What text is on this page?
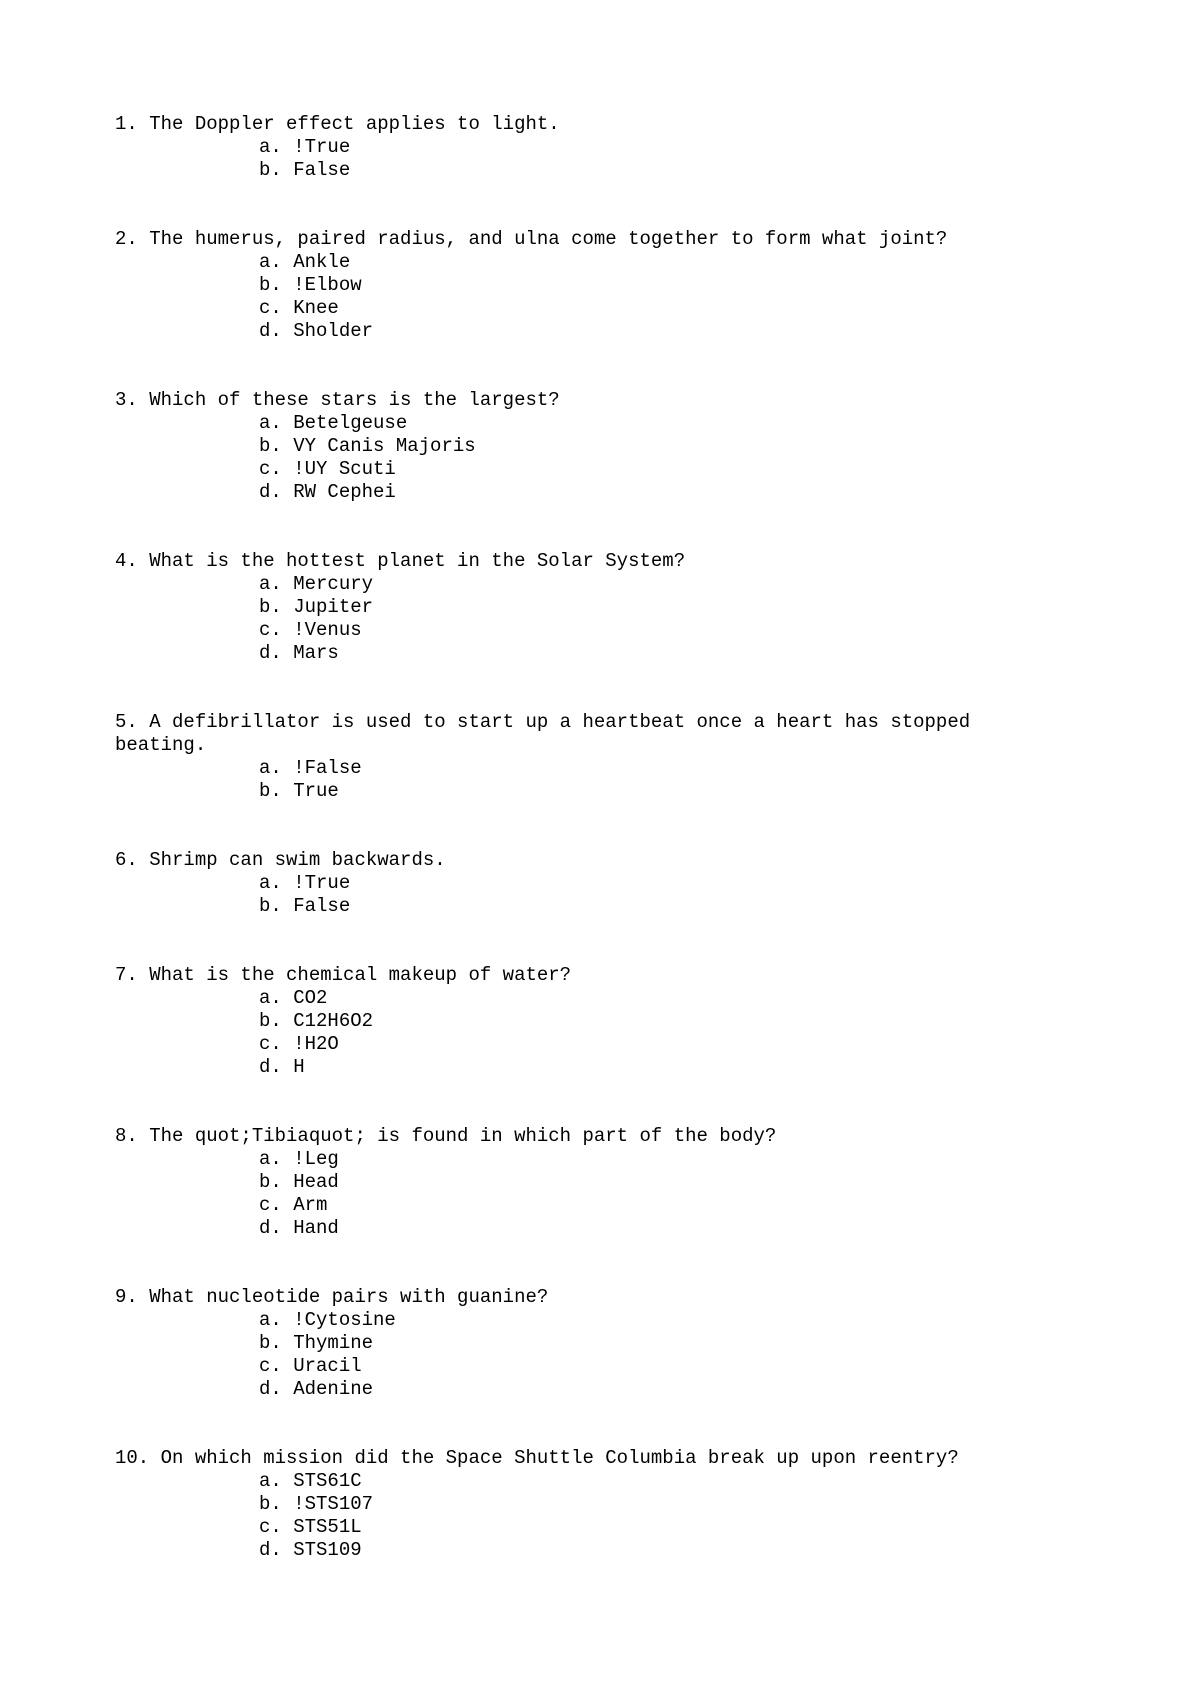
1. The Doppler effect applies to light.
a. !True
b. False
2. The humerus, paired radius, and ulna come together to form what joint?
a. Ankle
b. !Elbow
c. Knee
d. Sholder
3. Which of these stars is the largest?
a. Betelgeuse
b. VY Canis Majoris
c. !UY Scuti
d. RW Cephei
4. What is the hottest planet in the Solar System?
a. Mercury
b. Jupiter
c. !Venus
d. Mars
5. A defibrillator is used to start up a heartbeat once a heart has stopped beating.
a. !False
b. True
6. Shrimp can swim backwards.
a. !True
b. False
7. What is the chemical makeup of water?
a. CO2
b. C12H6O2
c. !H2O
d. H
8. The quot;Tibiaquot; is found in which part of the body?
a. !Leg
b. Head
c. Arm
d. Hand
9. What nucleotide pairs with guanine?
a. !Cytosine
b. Thymine
c. Uracil
d. Adenine
10. On which mission did the Space Shuttle Columbia break up upon reentry?
a. STS61C
b. !STS107
c. STS51L
d. STS109
